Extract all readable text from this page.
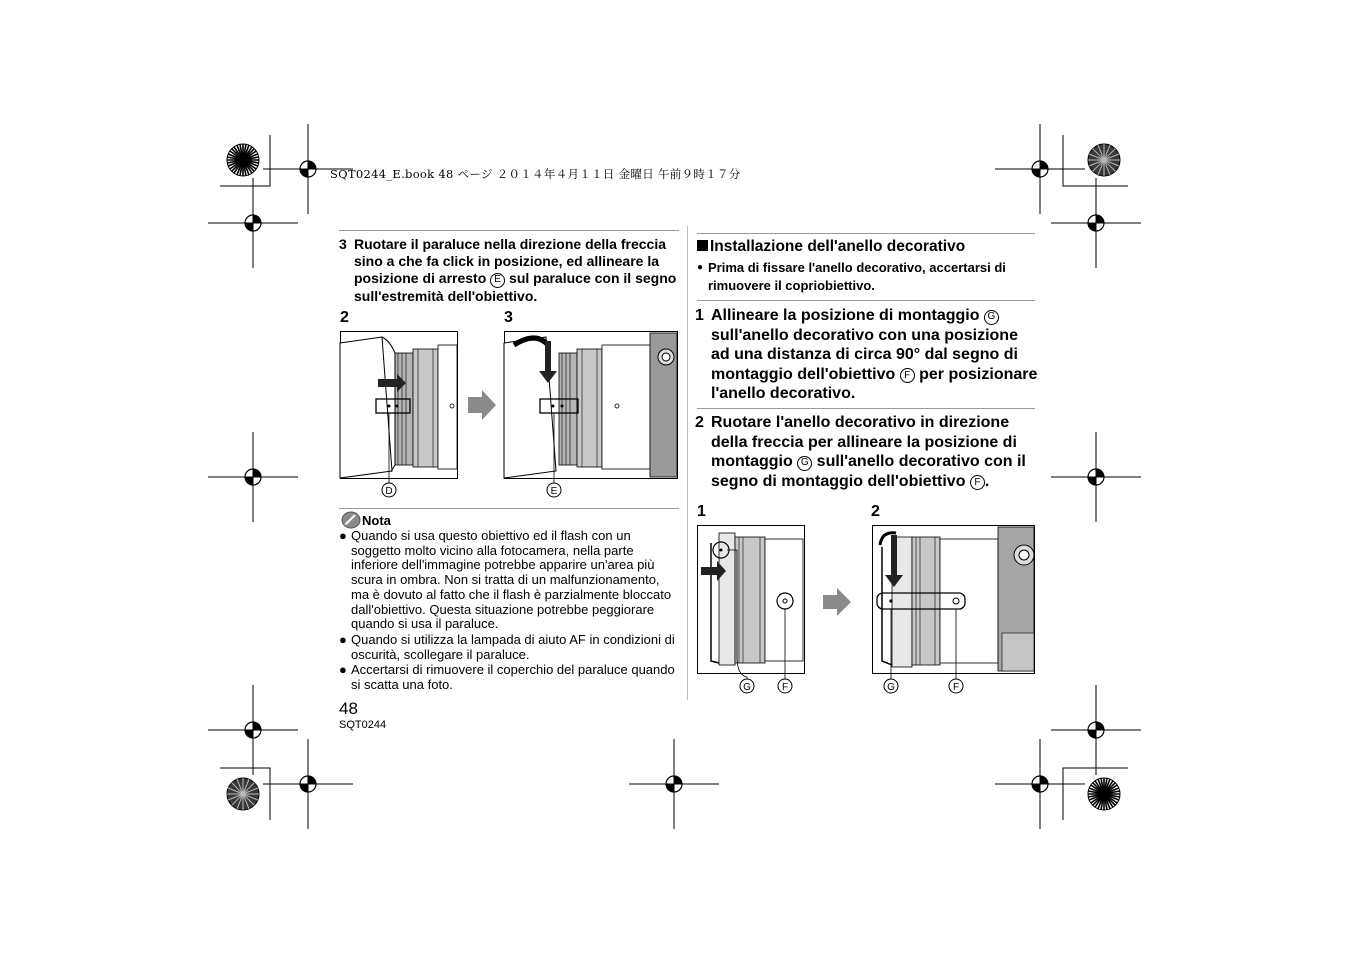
SQT0244_E.book 48 ページ ２０１４年４月１１日 金曜日 午前９時１７分
3 Ruotare il paraluce nella direzione della freccia sino a che fa click in posizione, ed allineare la posizione di arresto E sul paraluce con il segno sull'estremità dell'obiettivo.
2	3
D	E
Nota
● Quando si usa questo obiettivo ed il flash con un soggetto molto vicino alla fotocamera, nella parte inferiore dell'immagine potrebbe apparire un'area più scura in ombra. Non si tratta di un malfunzionamento, ma è dovuto al fatto che il flash è parzialmente bloccato dall'obiettivo. Questa situazione potrebbe peggiorare quando si usa il paraluce.
● Quando si utilizza la lampada di aiuto AF in condizioni di oscurità, scollegare il paraluce.
● Accertarsi di rimuovere il coperchio del paraluce quando si scatta una foto.
48
SQT0244
Installazione dell'anello decorativo
● Prima di fissare l'anello decorativo, accertarsi di rimuovere il copriobiettivo.
1 Allineare la posizione di montaggio G sull'anello decorativo con una posizione ad una distanza di circa 90° dal segno di montaggio dell'obiettivo F per posizionare l'anello decorativo.
2 Ruotare l'anello decorativo in direzione della freccia per allineare la posizione di montaggio G sull'anello decorativo con il segno di montaggio dell'obiettivo F .
1	2
G	F	G	F
